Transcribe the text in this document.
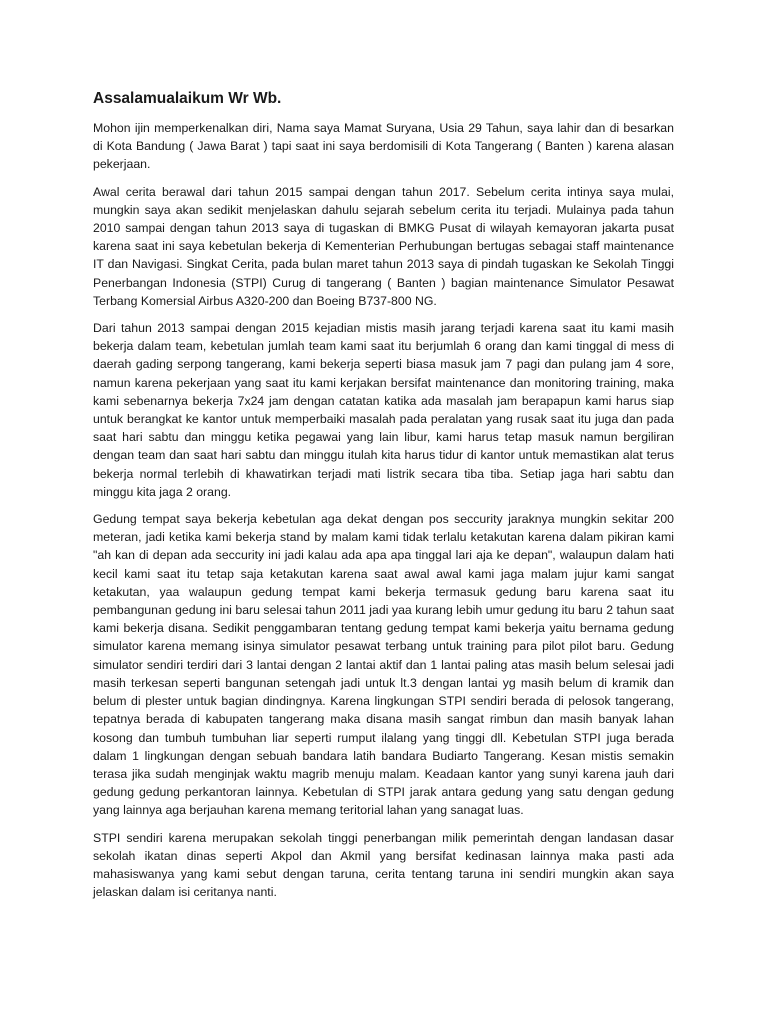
Assalamualaikum Wr Wb.

Mohon ijin memperkenalkan diri, Nama saya Mamat Suryana, Usia 29 Tahun, saya lahir dan di besarkan di Kota Bandung ( Jawa Barat ) tapi saat ini saya berdomisili di Kota Tangerang ( Banten ) karena alasan pekerjaan.

Awal cerita berawal dari tahun 2015 sampai dengan tahun 2017. Sebelum cerita intinya saya mulai, mungkin saya akan sedikit menjelaskan dahulu sejarah sebelum cerita itu terjadi. Mulainya pada tahun 2010 sampai dengan tahun 2013 saya di tugaskan di BMKG Pusat di wilayah kemayoran jakarta pusat karena saat ini saya kebetulan bekerja di Kementerian Perhubungan bertugas sebagai staff maintenance IT dan Navigasi. Singkat Cerita, pada bulan maret tahun 2013 saya di pindah tugaskan ke Sekolah Tinggi Penerbangan Indonesia (STPI) Curug di tangerang ( Banten ) bagian maintenance Simulator Pesawat Terbang Komersial Airbus A320-200 dan Boeing B737-800 NG.

Dari tahun 2013 sampai dengan 2015 kejadian mistis masih jarang terjadi karena saat itu kami masih bekerja dalam team, kebetulan jumlah team kami saat itu berjumlah 6 orang dan kami tinggal di mess di daerah gading serpong tangerang, kami bekerja seperti biasa masuk jam 7 pagi dan pulang jam 4 sore, namun karena pekerjaan yang saat itu kami kerjakan bersifat maintenance dan monitoring training, maka kami sebenarnya bekerja 7x24 jam dengan catatan katika ada masalah jam berapapun kami harus siap untuk berangkat ke kantor untuk memperbaiki masalah pada peralatan yang rusak saat itu juga dan pada saat hari sabtu dan minggu ketika pegawai yang lain libur, kami harus tetap masuk namun bergiliran dengan team dan saat hari sabtu dan minggu itulah kita harus tidur di kantor untuk memastikan alat terus bekerja normal terlebih di khawatirkan terjadi mati listrik secara tiba tiba. Setiap jaga hari sabtu dan minggu kita jaga 2 orang.

Gedung tempat saya bekerja kebetulan aga dekat dengan pos seccurity jaraknya mungkin sekitar 200 meteran, jadi ketika kami bekerja stand by malam kami tidak terlalu ketakutan karena dalam pikiran kami "ah kan di depan ada seccurity ini jadi kalau ada apa apa tinggal lari aja ke depan", walaupun dalam hati kecil kami saat itu tetap saja ketakutan karena saat awal awal kami jaga malam jujur kami sangat ketakutan, yaa walaupun gedung tempat kami bekerja termasuk gedung baru karena saat itu pembangunan gedung ini baru selesai tahun 2011 jadi yaa kurang lebih umur gedung itu baru 2 tahun saat kami bekerja disana. Sedikit penggambaran tentang gedung tempat kami bekerja yaitu bernama gedung simulator karena memang isinya simulator pesawat terbang untuk training para pilot pilot baru. Gedung simulator sendiri terdiri dari 3 lantai dengan 2 lantai aktif dan 1 lantai paling atas masih belum selesai jadi masih terkesan seperti bangunan setengah jadi untuk lt.3 dengan lantai yg masih belum di kramik dan belum di plester untuk bagian dindingnya. Karena lingkungan STPI sendiri berada di pelosok tangerang, tepatnya berada di kabupaten tangerang maka disana masih sangat rimbun dan masih banyak lahan kosong dan tumbuh tumbuhan liar seperti rumput ilalang yang tinggi dll. Kebetulan STPI juga berada dalam 1 lingkungan dengan sebuah bandara latih bandara Budiarto Tangerang. Kesan mistis semakin terasa jika sudah menginjak waktu magrib menuju malam. Keadaan kantor yang sunyi karena jauh dari gedung gedung perkantoran lainnya. Kebetulan di STPI jarak antara gedung yang satu dengan gedung yang lainnya aga berjauhan karena memang teritorial lahan yang sanagat luas.

STPI sendiri karena merupakan sekolah tinggi penerbangan milik pemerintah dengan landasan dasar sekolah ikatan dinas seperti Akpol dan Akmil yang bersifat kedinasan lainnya maka pasti ada mahasiswanya yang kami sebut dengan taruna, cerita tentang taruna ini sendiri mungkin akan saya jelaskan dalam isi ceritanya nanti.
